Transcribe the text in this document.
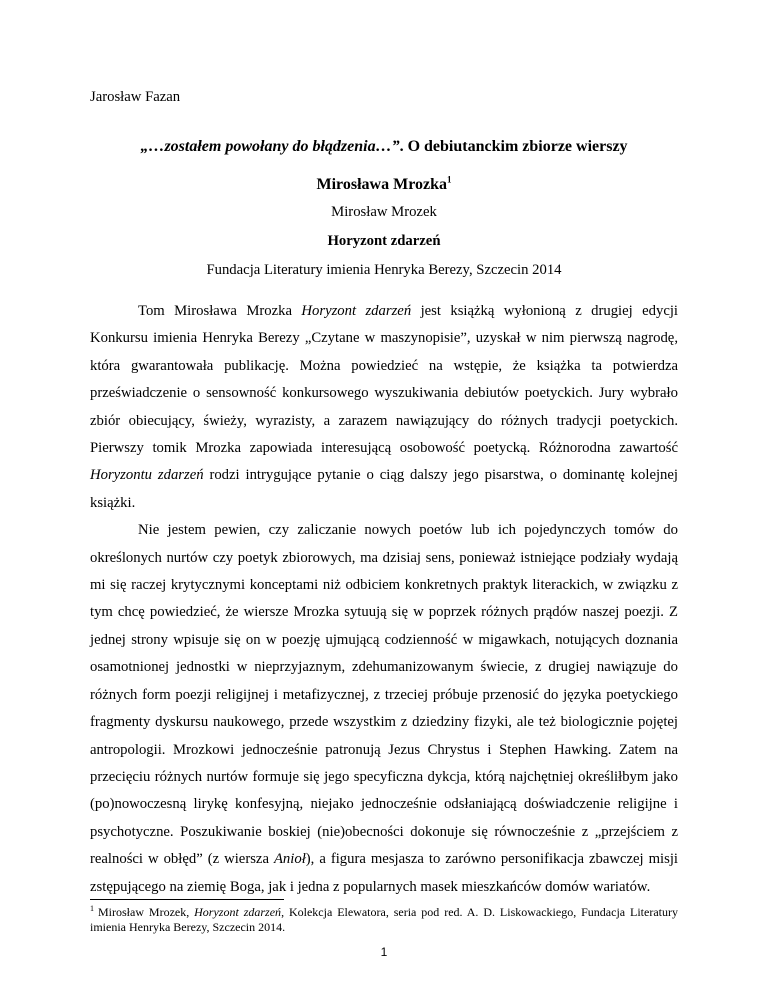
Jarosław Fazan
„…zostałem powołany do błądzenia…”. O debiutanckim zbiorze wierszy
Mirosława Mrozka$^1$
Mirosław Mrozek
Horyzont zdarzeń
Fundacja Literatury imienia Henryka Berezy, Szczecin 2014

Tom Mirosława Mrozka Horyzont zdarzeń jest książką wyłonioną z drugiej edycji Konkursu imienia Henryka Berezy „Czytane w maszynopisie”, uzyskał w nim pierwszą nagrodę, która gwarantowała publikację. Można powiedzieć na wstępie, że książka ta potwierdza przeświadczenie o sensowność konkursowego wyszukiwania debiutów poetyckich. Jury wybrało zbiór obiecujący, świeży, wyrazisty, a zarazem nawiązujący do różnych tradycji poetyckich. Pierwszy tomik Mrozka zapowiada interesującą osobowość poetycką. Różnorodna zawartość Horyzontu zdarzeń rodzi intrygujące pytanie o ciąg dalszy jego pisarstwa, o dominantę kolejnej książki.

Nie jestem pewien, czy zaliczanie nowych poetów lub ich pojedynczych tomów do określonych nurtów czy poetyk zbiorowych, ma dzisiaj sens, ponieważ istniejące podziały wydają mi się raczej krytycznymi konceptami niż odbiciem konkretnych praktyk literackich, w związku z tym chcę powiedzieć, że wiersze Mrozka sytuują się w poprzek różnych prądów naszej poezji. Z jednej strony wpisuje się on w poezję ujmującą codzienność w migawkach, notujących doznania osamotnionej jednostki w nieprzyjaznym, zdehumanizowanym świecie, z drugiej nawiązuje do różnych form poezji religijnej i metafizycznej, z trzeciej próbuje przenosić do języka poetyckiego fragmenty dyskursu naukowego, przede wszystkim z dziedziny fizyki, ale też biologicznie pojętej antropologii. Mrozkowi jednocześnie patronują Jezus Chrystus i Stephen Hawking. Zatem na przecięciu różnych nurtów formuje się jego specyficzna dykcja, którą najchętniej określiłbym jako (po)nowoczesną lirykę konfesyjną, niejako jednocześnie odsłaniającą doświadczenie religijne i psychotyczne. Poszukiwanie boskiej (nie)obecności dokonuje się równocześnie z „przejściem z realności w obłęd” (z wiersza Anioł), a figura mesjasza to zarówno personifikacja zbawczej misji zstępującego na ziemię Boga, jak i jedna z popularnych masek mieszkańców domów wariatów.

$^1$ Mirosław Mrozek, Horyzont zdarzeń, Kolekcja Elewatora, seria pod red. A. D. Liskowackiego, Fundacja Literatury imienia Henryka Berezy, Szczecin 2014.
1
